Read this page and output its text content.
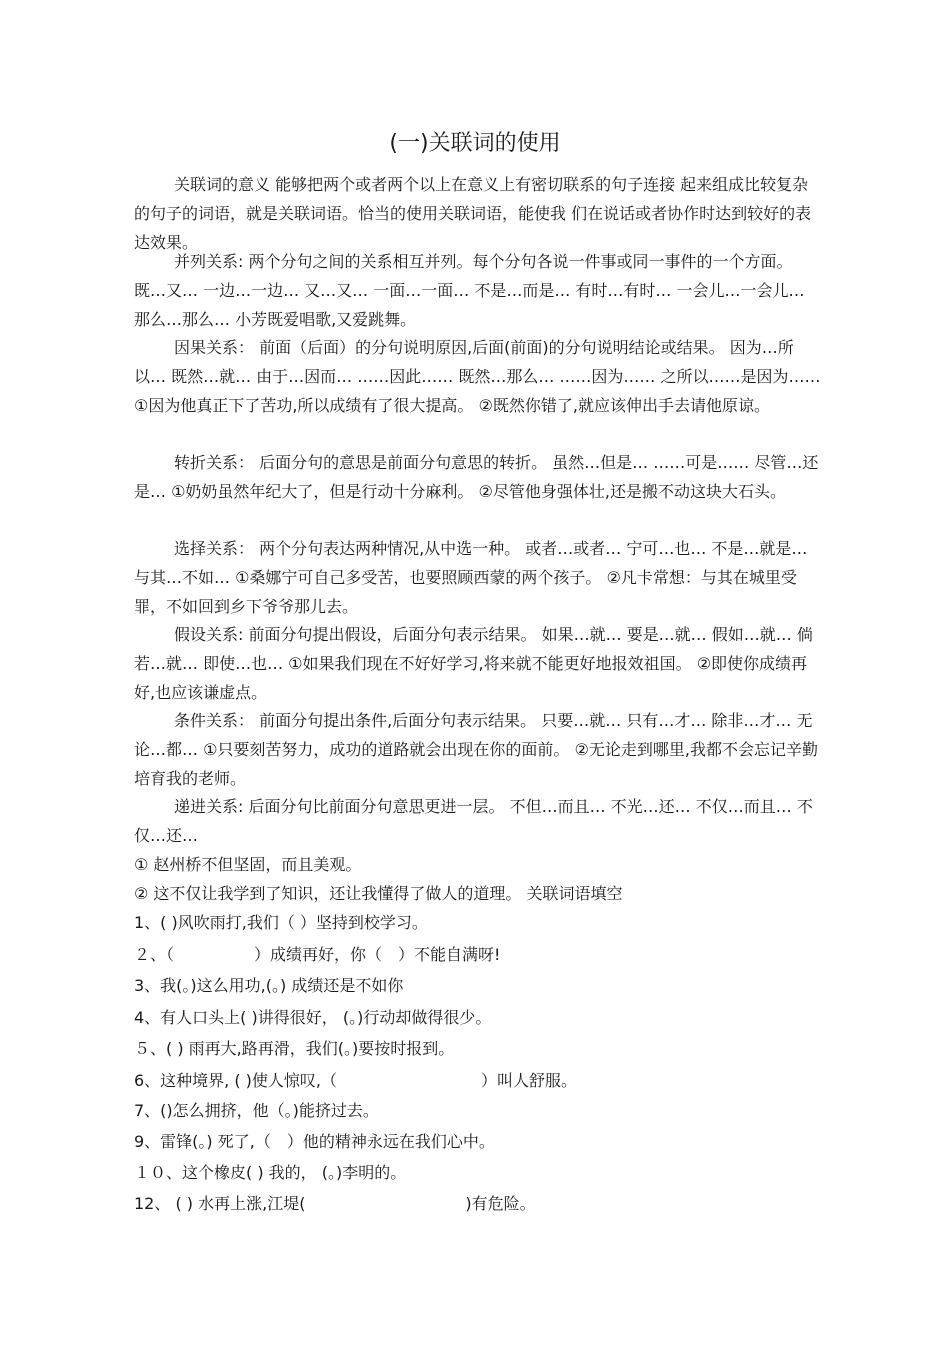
(一)关联词的使用

关联词的意义 能够把两个或者两个以上在意义上有密切联系的句子连接 起来组成比较复杂的句子的词语，就是关联词语。恰当的使用关联词语，能使我 们在说话或者协作时达到较好的表达效果。

并列关系: 两个分句之间的关系相互并列。每个分句各说一件事或同一事件的一个方面。 既…又… 一边…一边… 又…又… 一面…一面… 不是…而是… 有时…有时… 一会儿…一会儿… 那么…那么… 小芳既爱唱歌,又爱跳舞。

因果关系： 前面（后面）的分句说明原因,后面(前面)的分句说明结论或结果。 因为…所以… 既然…就… 由于…因而… ……因此…… 既然…那么… ……因为…… 之所以……是因为…… ①因为他真正下了苦功,所以成绩有了很大提高。 ②既然你错了,就应该伸出手去请他原谅。

转折关系： 后面分句的意思是前面分句意思的转折。 虽然…但是… ……可是…… 尽管…还是… ①奶奶虽然年纪大了，但是行动十分麻利。 ②尽管他身强体壮,还是搬不动这块大石头。

选择关系： 两个分句表达两种情况,从中选一种。 或者…或者… 宁可…也… 不是…就是… 与其…不如… ①桑娜宁可自己多受苦，也要照顾西蒙的两个孩子。 ②凡卡常想：与其在城里受罪，不如回到乡下爷爷那儿去。

假设关系: 前面分句提出假设，后面分句表示结果。 如果…就… 要是…就… 假如…就… 倘若…就… 即使…也… ①如果我们现在不好好学习,将来就不能更好地报效祖国。 ②即使你成绩再好,也应该谦虚点。

条件关系： 前面分句提出条件,后面分句表示结果。 只要…就… 只有…才… 除非…才… 无论…都… ①只要刻苦努力，成功的道路就会出现在你的面前。 ②无论走到哪里,我都不会忘记辛勤培育我的老师。

递进关系: 后面分句比前面分句意思更进一层。 不但…而且… 不光…还… 不仅…而且… 不仅…还…

① 赵州桥不但坚固，而且美观。
② 这不仅让我学到了知识，还让我懂得了做人的道理。 关联词语填空
1、( )风吹雨打,我们（ ）坚持到校学习。
２、（　　　　　）成绩再好，你（　）不能自满呀!
3、我(｡)这么用功,(｡) 成绩还是不如你
4、有人口头上( )讲得很好， (｡)行动却做得很少。
５、( ) 雨再大,路再滑，我们(｡)要按时报到。
6、这种境界, ( )使人惊叹,（　　　　　　　　　）叫人舒服。
7、()怎么拥挤，他（｡)能挤过去。
9、雷锋(｡) 死了,（　）他的精神永远在我们心中。
１０、这个橡皮( ) 我的， (｡)李明的。
12、 ( ) 水再上涨,江堤(　　　　　　　　　　)有危险。
